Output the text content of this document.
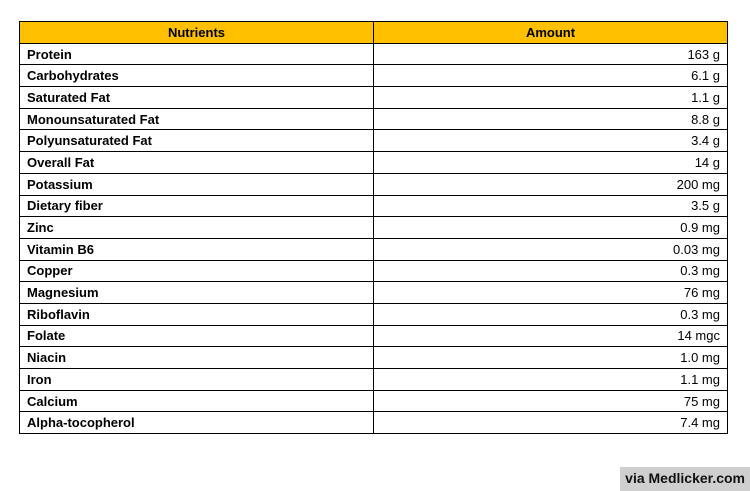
Nutrients	Amount
Protein	163 g
Carbohydrates	6.1 g
Saturated Fat	1.1 g
Monounsaturated Fat	8.8 g
Polyunsaturated Fat	3.4 g
Overall Fat	14 g
Potassium	200 mg
Dietary fiber	3.5 g
Zinc	0.9 mg
Vitamin B6	0.03 mg
Copper	0.3 mg
Magnesium	76 mg
Riboflavin	0.3 mg
Folate	14 mgc
Niacin	1.0 mg
Iron	1.1 mg
Calcium	75 mg
Alpha-tocopherol	7.4 mg
via Medlicker.com
